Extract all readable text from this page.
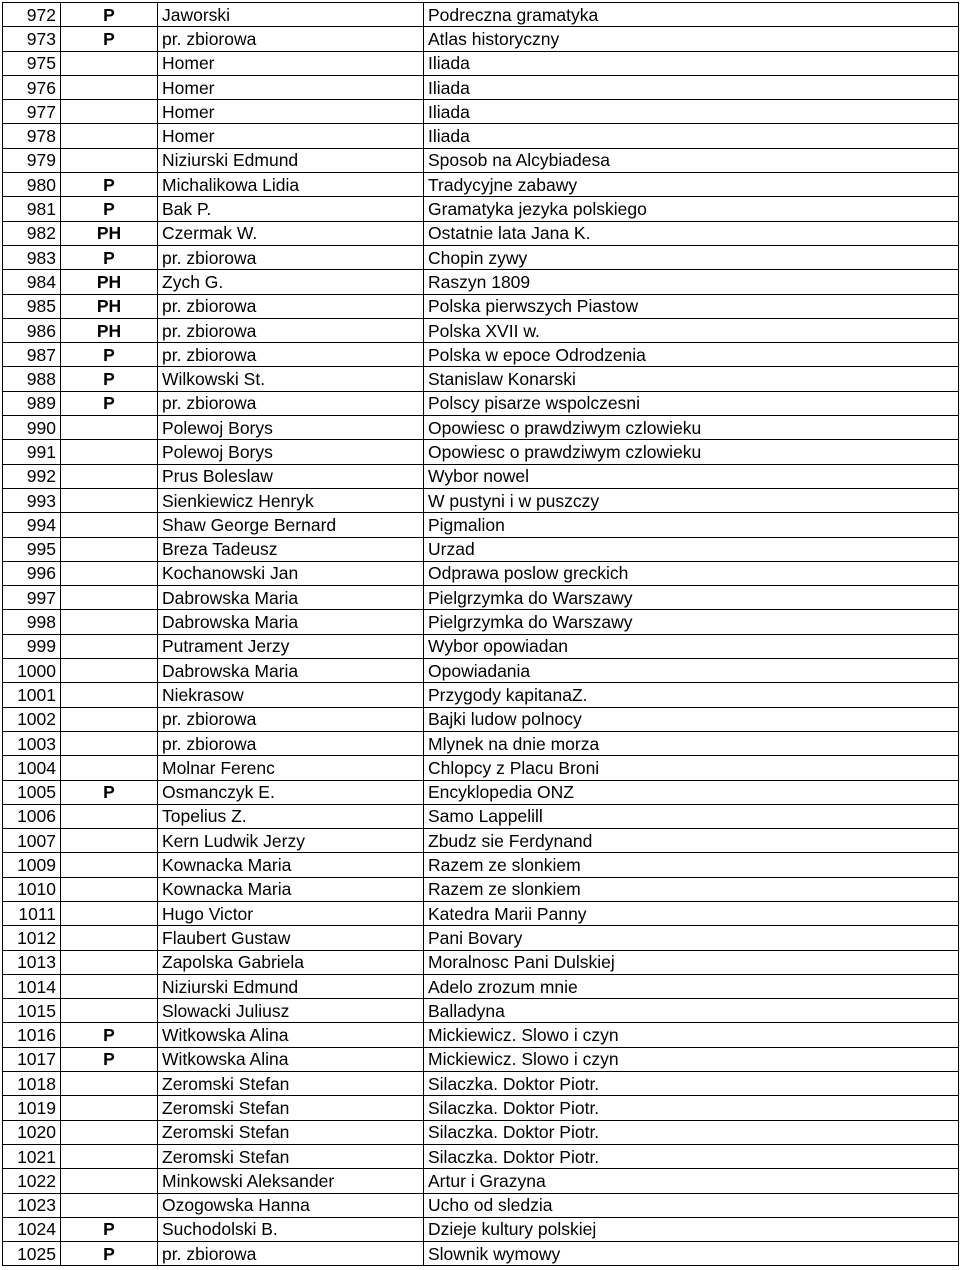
972	P	Jaworski	Podreczna gramatyka
973	P	pr. zbiorowa	Atlas historyczny
975		Homer	Iliada
976		Homer	Iliada
977		Homer	Iliada
978		Homer	Iliada
979		Niziurski Edmund	Sposob na Alcybiadesa
980	P	Michalikowa Lidia	Tradycyjne zabawy
981	P	Bak P.	Gramatyka jezyka polskiego
982	PH	Czermak W.	Ostatnie lata Jana K.
983	P	pr. zbiorowa	Chopin zywy
984	PH	Zych G.	Raszyn 1809
985	PH	pr. zbiorowa	Polska pierwszych Piastow
986	PH	pr. zbiorowa	Polska XVII w.
987	P	pr. zbiorowa	Polska w epoce Odrodzenia
988	P	Wilkowski St.	Stanislaw Konarski
989	P	pr. zbiorowa	Polscy pisarze wspolczesni
990		Polewoj Borys	Opowiesc o prawdziwym czlowieku
991		Polewoj Borys	Opowiesc o prawdziwym czlowieku
992		Prus Boleslaw	Wybor nowel
993		Sienkiewicz Henryk	W pustyni i w puszczy
994		Shaw George Bernard	Pigmalion
995		Breza Tadeusz	Urzad
996		Kochanowski Jan	Odprawa poslow greckich
997		Dabrowska Maria	Pielgrzymka do Warszawy
998		Dabrowska Maria	Pielgrzymka do Warszawy
999		Putrament Jerzy	Wybor opowiadan
1000		Dabrowska Maria	Opowiadania
1001		Niekrasow	Przygody kapitanaZ.
1002		pr. zbiorowa	Bajki ludow polnocy
1003		pr. zbiorowa	Mlynek na dnie morza
1004		Molnar Ferenc	Chlopcy z Placu Broni
1005	P	Osmanczyk E.	Encyklopedia ONZ
1006		Topelius Z.	Samo Lappelill
1007		Kern Ludwik Jerzy	Zbudz sie Ferdynand
1009		Kownacka Maria	Razem ze slonkiem
1010		Kownacka Maria	Razem ze slonkiem
1011		Hugo Victor	Katedra Marii Panny
1012		Flaubert Gustaw	Pani Bovary
1013		Zapolska Gabriela	Moralnosc Pani Dulskiej
1014		Niziurski Edmund	Adelo zrozum mnie
1015		Slowacki Juliusz	Balladyna
1016	P	Witkowska Alina	Mickiewicz. Slowo i czyn
1017	P	Witkowska Alina	Mickiewicz. Slowo i czyn
1018		Zeromski Stefan	Silaczka. Doktor Piotr.
1019		Zeromski Stefan	Silaczka. Doktor Piotr.
1020		Zeromski Stefan	Silaczka. Doktor Piotr.
1021		Zeromski Stefan	Silaczka. Doktor Piotr.
1022		Minkowski Aleksander	Artur i Grazyna
1023		Ozogowska Hanna	Ucho od sledzia
1024	P	Suchodolski B.	Dzieje kultury polskiej
1025	P	pr. zbiorowa	Slownik wymowy
